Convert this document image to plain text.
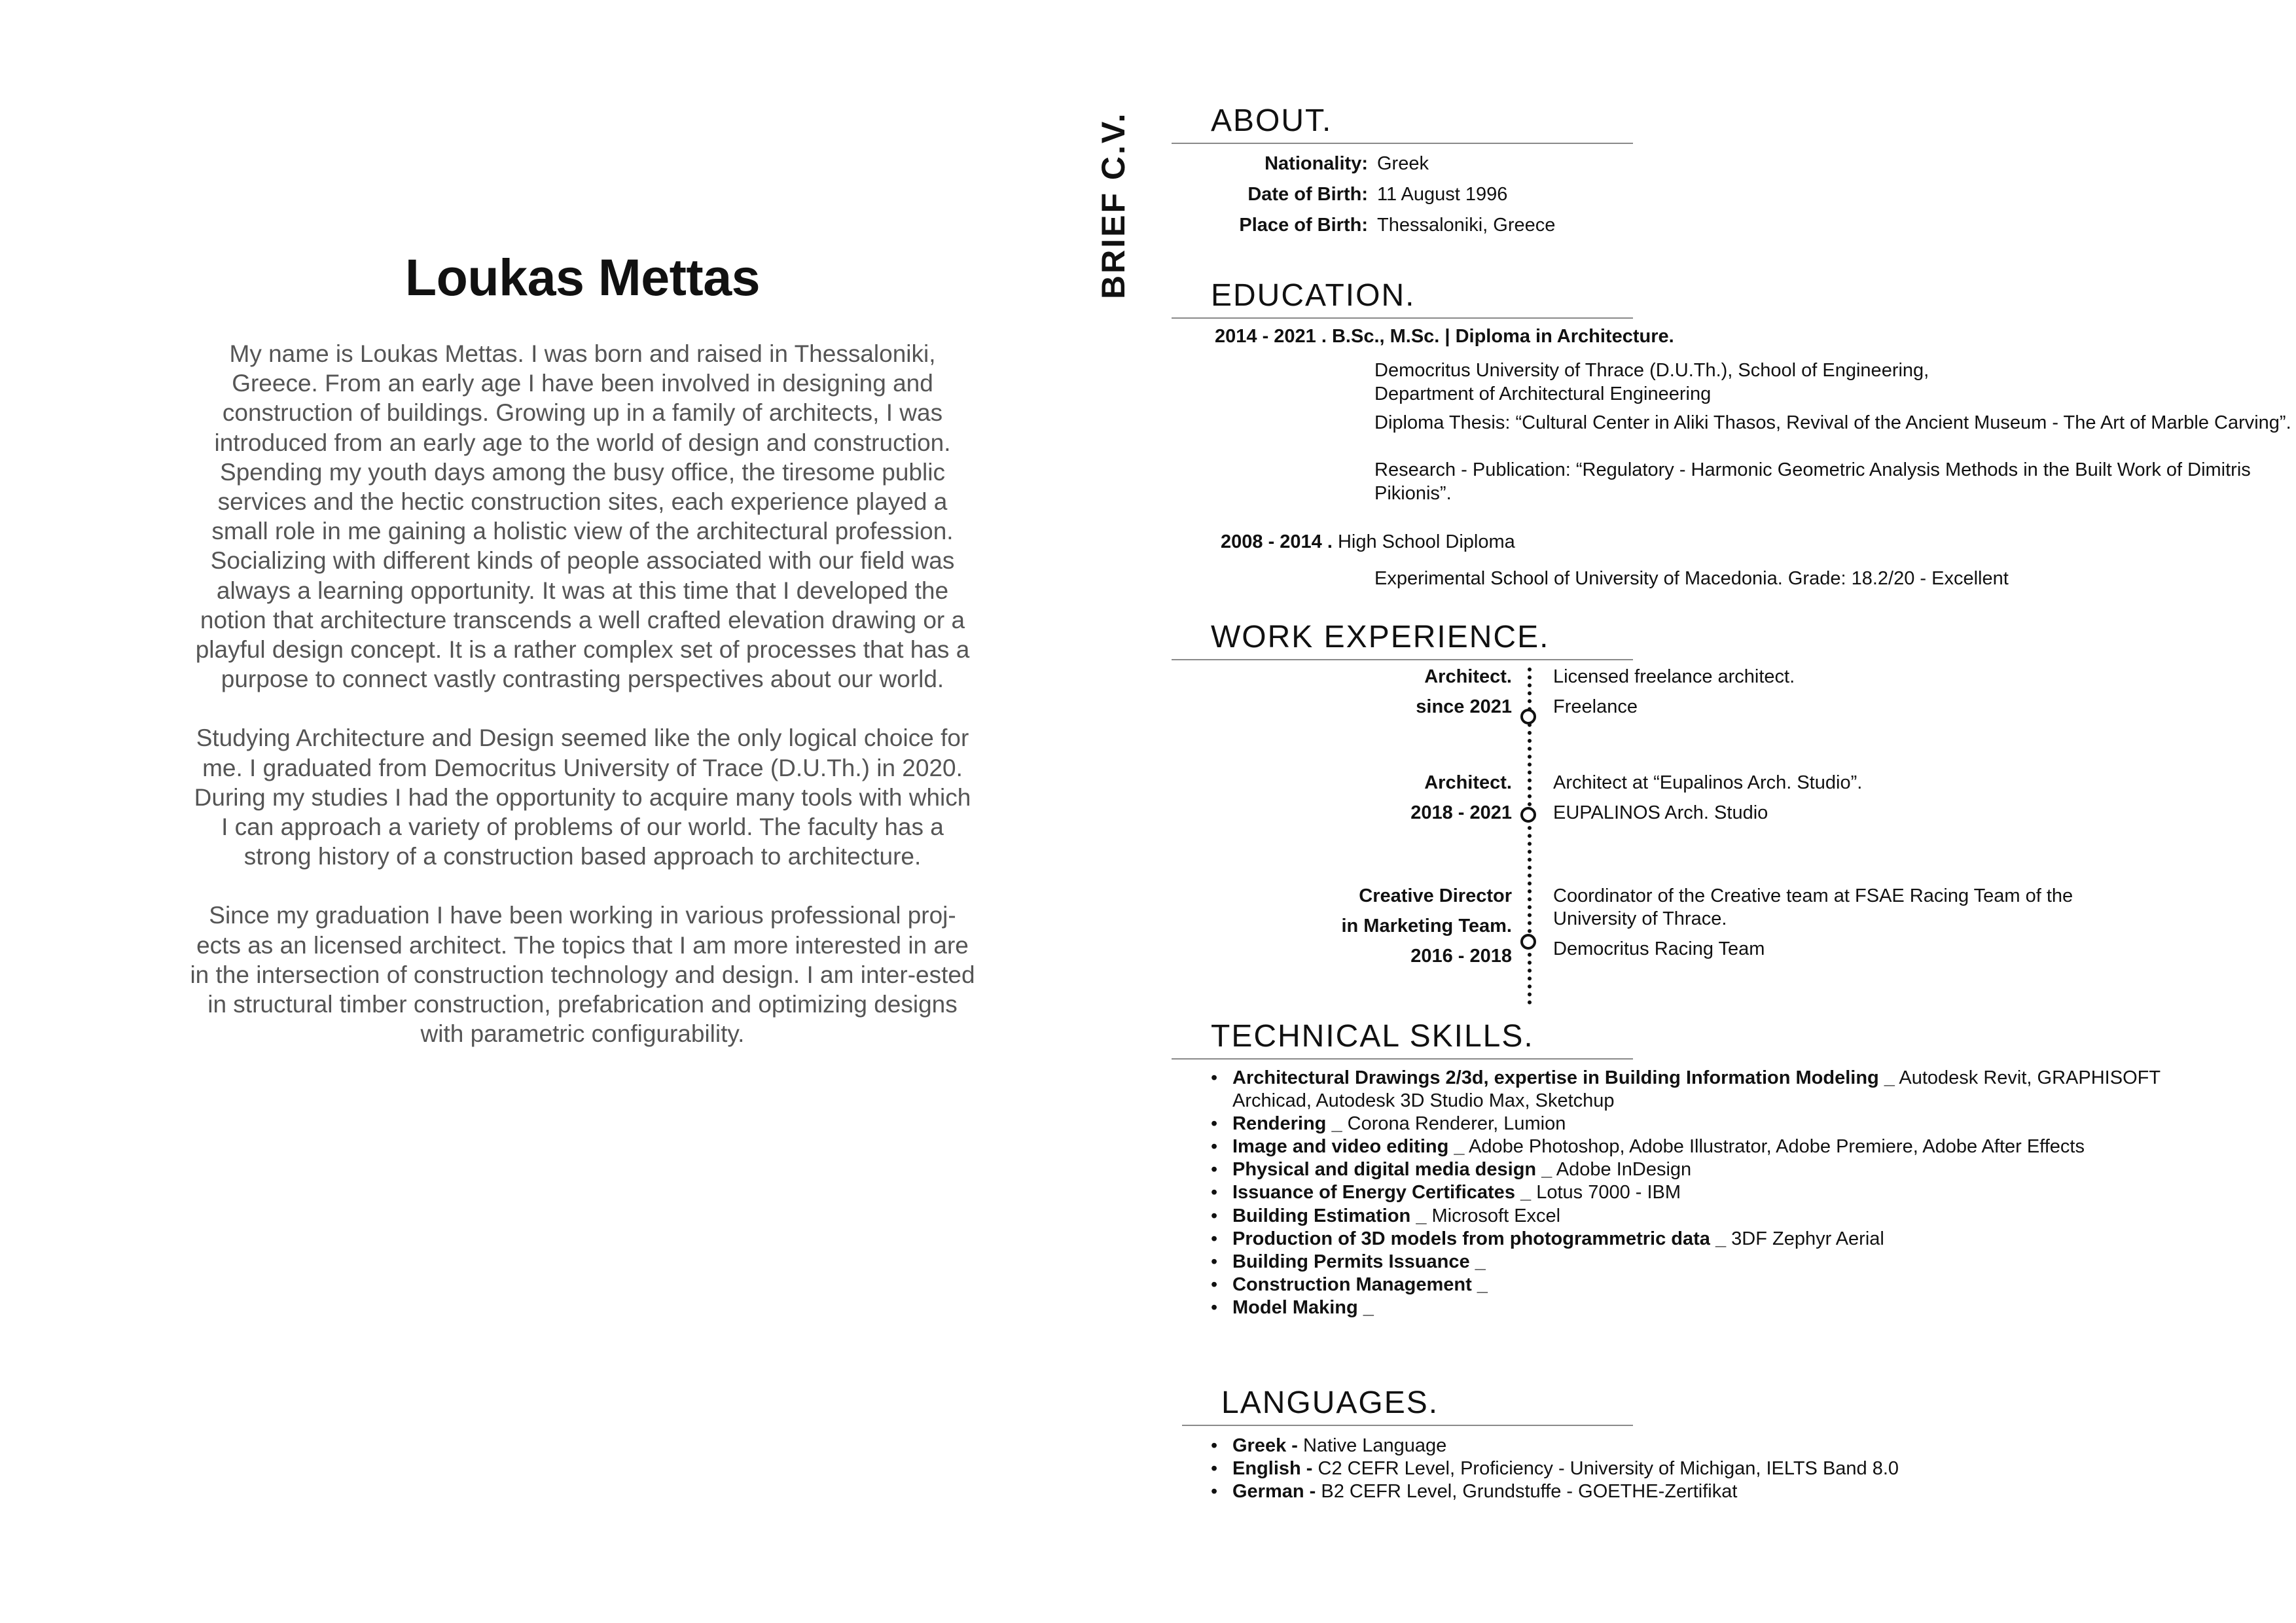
Loukas Mettas

My name is Loukas Mettas. I was born and raised in Thessaloniki, Greece. From an early age I have been involved in designing and construction of buildings. Growing up in a family of architects, I was introduced from an early age to the world of design and construction. Spending my youth days among the busy office, the tiresome public services and the hectic construction sites, each experience played a small role in me gaining a holistic view of the architectural profession. Socializing with different kinds of people associated with our field was always a learning opportunity. It was at this time that I developed the notion that architecture transcends a well crafted elevation drawing or a playful design concept. It is a rather complex set of processes that has a purpose to connect vastly contrasting perspectives about our world.

Studying Architecture and Design seemed like the only logical choice for me. I graduated from Democritus University of Trace (D.U.Th.) in 2020. During my studies I had the opportunity to acquire many tools with which I can approach a variety of problems of our world. The faculty has a strong history of a construction based approach to architecture.

Since my graduation I have been working in various professional proj-ects as an licensed architect. The topics that I am more interested in are in the intersection of construction technology and design. I am inter-ested in structural timber construction, prefabrication and optimizing designs with parametric configurability.

BRIEF C.V.	ABOUT.
Nationality: Greek
Date of Birth: 11 August 1996
Place of Birth: Thessaloniki, Greece
EDUCATION.
2014 - 2021 . B.Sc., M.Sc. | Diploma in Architecture.
Democritus University of Thrace (D.U.Th.), School of Engineering,
Department of Architectural Engineering
Diploma Thesis: “Cultural Center in Aliki Thasos, Revival of the Ancient Museum - The Art of Marble Carving”.
Research - Publication: “Regulatory - Harmonic Geometric Analysis Methods in the Built Work of Dimitris
Pikionis”.
2008 - 2014 . High School Diploma
Experimental School of University of Macedonia. Grade: 18.2/20 - Excellent
WORK EXPERIENCE.
Architect.
since 2021
Licensed freelance architect.
Freelance
Architect.
2018 - 2021
Architect at “Eupalinos Arch. Studio”.
EUPALINOS Arch. Studio
Creative Director
in Marketing Team.
2016 - 2018
Coordinator of the Creative team at FSAE Racing Team of the
University of Thrace.
Democritus Racing Team
TECHNICAL SKILLS.
• Architectural Drawings 2/3d, expertise in Building Information Modeling _ Autodesk Revit, GRAPHISOFT
Archicad, Autodesk 3D Studio Max, Sketchup
• Rendering _ Corona Renderer, Lumion
• Image and video editing _ Adobe Photoshop, Adobe Illustrator, Adobe Premiere, Adobe After Effects
• Physical and digital media design _ Adobe InDesign
• Issuance of Energy Certificates _ Lotus 7000 - IBM
• Building Estimation _ Microsoft Excel
• Production of 3D models from photogrammetric data _ 3DF Zephyr Aerial
• Building Permits Issuance _
• Construction Management _
• Model Making _
LANGUAGES.
• Greek - Native Language
• English - C2 CEFR Level, Proficiency - University of Michigan, IELTS Band 8.0
• German - B2 CEFR Level, Grundstuffe - GOETHE-Zertifikat
